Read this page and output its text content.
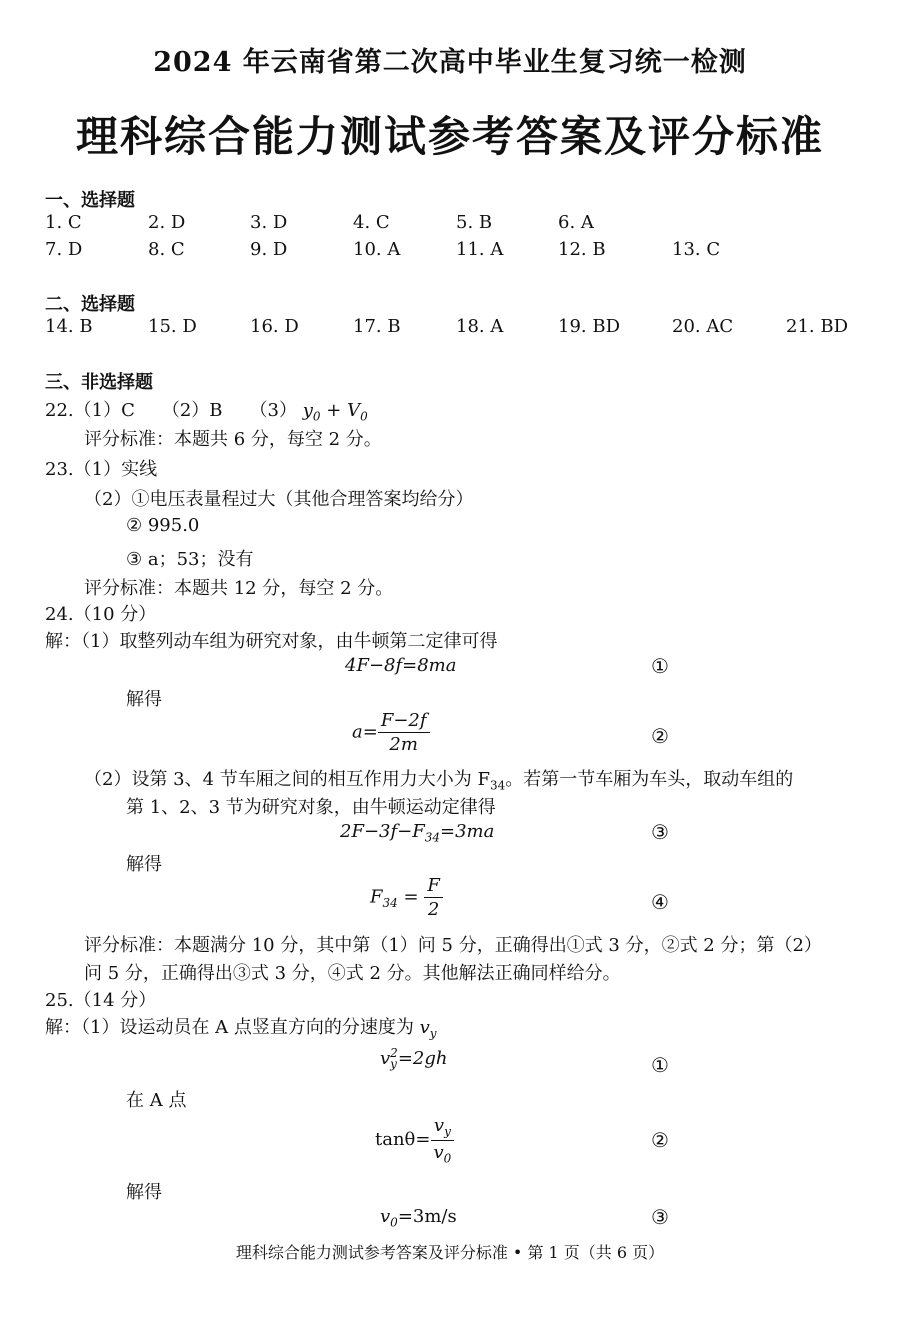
2024 年云南省第二次高中毕业生复习统一检测
理科综合能力测试参考答案及评分标准
一、选择题
1. C	2. D	3. D	4. C	5. B	6. A
7. D	8. C	9. D	10. A	11. A	12. B	13. C
二、选择题
14. B	15. D	16. D	17. B	18. A	19. BD	20. AC	21. BD
三、非选择题
22.（1）C　　（2）B　　（3） $y_0 + V_0$
评分标准：本题共 6 分，每空 2 分。
23.（1）实线
（2）①电压表量程过大（其他合理答案均给分）
② 995.0
③ a；53；没有
评分标准：本题共 12 分，每空 2 分。
24.（10 分）
解：（1）取整列动车组为研究对象，由牛顿第二定律可得
4F−8f=8ma	①
解得
$a= \frac{F-2f}{2m}$	②
（2）设第 3、4 节车厢之间的相互作用力大小为 $F_{34}$。若第一节车厢为车头，取动车组的
第 1、2、3 节为研究对象，由牛顿运动定律得
$2F-3f-F_{34}=3ma$	③
解得
$F_{34} = \frac{F}{2}$	④
评分标准：本题满分 10 分，其中第（1）问 5 分，正确得出①式 3 分，②式 2 分；第（2）
问 5 分，正确得出③式 3 分，④式 2 分。其他解法正确同样给分。
25.（14 分）
解：（1）设运动员在 A 点竖直方向的分速度为 $v_y$
v 2
y =2gh	①
在 A 点
$\tan\theta= \frac{v_y}{v_0}$	②
解得
$v_0=3m/s$	③
理科综合能力测试参考答案及评分标准 • 第 1 页（共 6 页）
